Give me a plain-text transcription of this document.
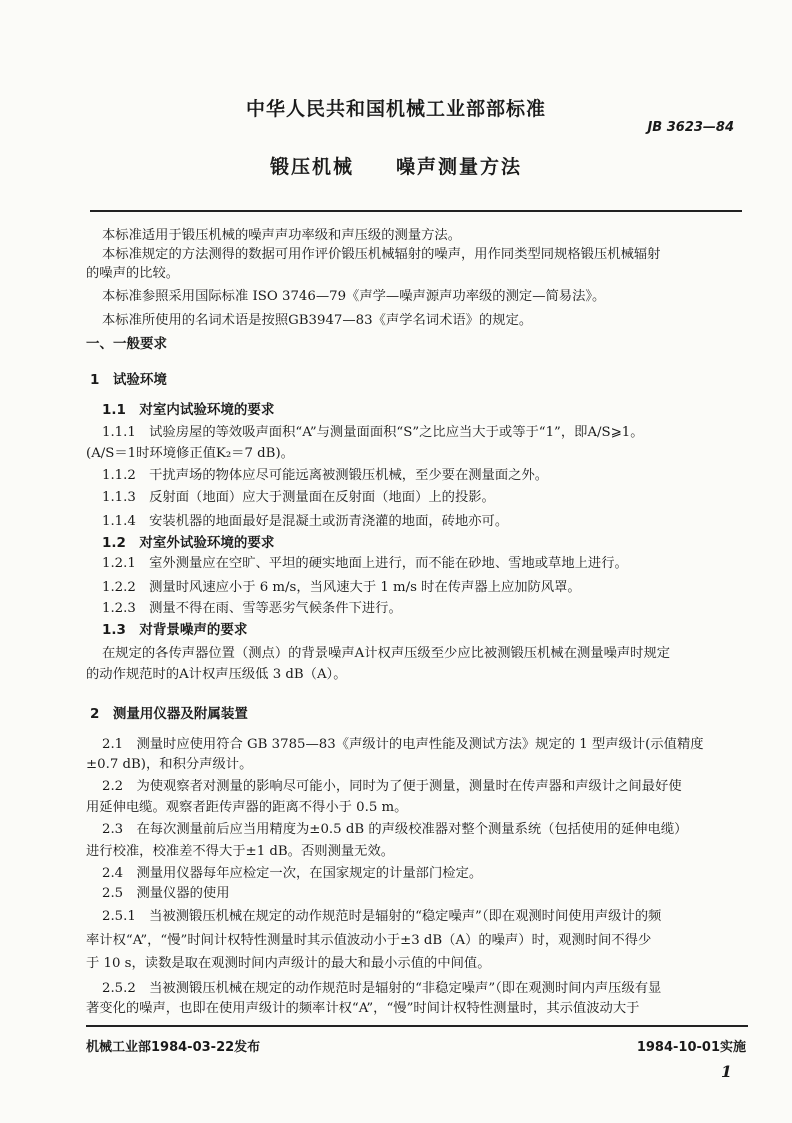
中华人民共和国机械工业部部标准
JB 3623—84
锻压机械　　噪声测量方法
本标准适用于锻压机械的噪声声功率级和声压级的测量方法。
本标准规定的方法测得的数据可用作评价锻压机械辐射的噪声，用作同类型同规格锻压机械辐射
的噪声的比较。
本标准参照采用国际标准 ISO 3746—79《声学—噪声源声功率级的测定—简易法》。
本标准所使用的名词术语是按照GB3947—83《声学名词术语》的规定。
一、一般要求
1　试验环境
1.1　对室内试验环境的要求
1.1.1　试验房屋的等效吸声面积“A”与测量面面积“S”之比应当大于或等于“1”，即A/S⩾1。
(A/S＝1时环境修正值K₂＝7 dB)。
1.1.2　干扰声场的物体应尽可能远离被测锻压机械，至少要在测量面之外。
1.1.3　反射面（地面）应大于测量面在反射面（地面）上的投影。
1.1.4　安装机器的地面最好是混凝土或沥青浇灌的地面，砖地亦可。
1.2　对室外试验环境的要求
1.2.1　室外测量应在空旷、平坦的硬实地面上进行，而不能在砂地、雪地或草地上进行。
1.2.2　测量时风速应小于 6 m/s，当风速大于 1 m/s 时在传声器上应加防风罩。
1.2.3　测量不得在雨、雪等恶劣气候条件下进行。
1.3　对背景噪声的要求
在规定的各传声器位置（测点）的背景噪声A计权声压级至少应比被测锻压机械在测量噪声时规定
的动作规范时的A计权声压级低 3 dB（A）。
2　测量用仪器及附属装置
2.1　测量时应使用符合 GB 3785—83《声级计的电声性能及测试方法》规定的 1 型声级计(示值精度
±0.7 dB)，和积分声级计。
2.2　为使观察者对测量的影响尽可能小，同时为了便于测量，测量时在传声器和声级计之间最好使
用延伸电缆。观察者距传声器的距离不得小于 0.5 m。
2.3　在每次测量前后应当用精度为±0.5 dB 的声级校准器对整个测量系统（包括使用的延伸电缆）
进行校准，校准差不得大于±1 dB。否则测量无效。
2.4　测量用仪器每年应检定一次，在国家规定的计量部门检定。
2.5　测量仪器的使用
2.5.1　当被测锻压机械在规定的动作规范时是辐射的“稳定噪声”（即在观测时间使用声级计的频
率计权“A”，“慢”时间计权特性测量时其示值波动小于±3 dB（A）的噪声）时，观测时间不得少
于 10 s，读数是取在观测时间内声级计的最大和最小示值的中间值。
2.5.2　当被测锻压机械在规定的动作规范时是辐射的“非稳定噪声”（即在观测时间内声压级有显
著变化的噪声，也即在使用声级计的频率计权“A”，“慢”时间计权特性测量时，其示值波动大于
机械工业部1984-03-22发布	1984-10-01实施
1
